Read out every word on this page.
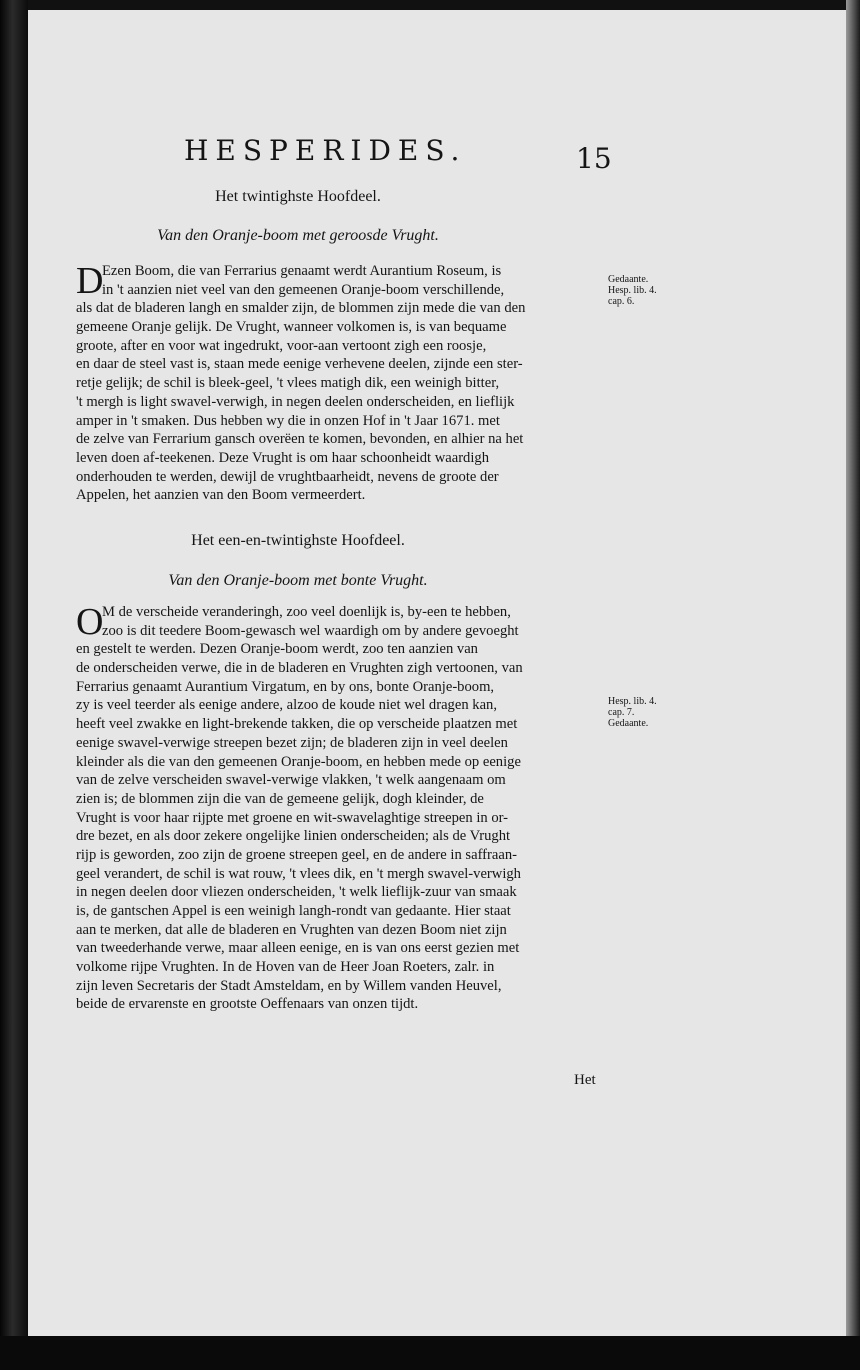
HESPERIDES.	15
Het twintighste Hoofdeel.
Van den Oranje-boom met geroosde Vrught.
D
Ezen Boom, die van Ferrarius genaamt werdt Aurantium Roseum, is
in 't aanzien niet veel van den gemeenen Oranje-boom verschillende,
als dat de bladeren langh en smalder zijn, de blommen zijn mede die van den
gemeene Oranje gelijk. De Vrught, wanneer volkomen is, is van bequame
groote, after en voor wat ingedrukt, voor-aan vertoont zigh een roosje,
en daar de steel vast is, staan mede eenige verhevene deelen, zijnde een ster-
retje gelijk; de schil is bleek-geel, 't vlees matigh dik, een weinigh bitter,
't mergh is light swavel-verwigh, in negen deelen onderscheiden, en lieflijk
amper in 't smaken. Dus hebben wy die in onzen Hof in 't Jaar 1671. met
de zelve van Ferrarium gansch overëen te komen, bevonden, en alhier na het
leven doen af-teekenen. Deze Vrught is om haar schoonheidt waardigh
onderhouden te werden, dewijl de vrughtbaarheidt, nevens de groote der
Appelen, het aanzien van den Boom vermeerdert.
Gedaante.
Hesp. lib. 4.
cap. 6.
Het een-en-twintighste Hoofdeel.
Van den Oranje-boom met bonte Vrught.
O
M de verscheide veranderingh, zoo veel doenlijk is, by-een te hebben,
zoo is dit teedere Boom-gewasch wel waardigh om by andere gevoeght
en gestelt te werden. Dezen Oranje-boom werdt, zoo ten aanzien van
de onderscheiden verwe, die in de bladeren en Vrughten zigh vertoonen, van
Ferrarius genaamt Aurantium Virgatum, en by ons, bonte Oranje-boom,
zy is veel teerder als eenige andere, alzoo de koude niet wel dragen kan,
heeft veel zwakke en light-brekende takken, die op verscheide plaatzen met
eenige swavel-verwige streepen bezet zijn; de bladeren zijn in veel deelen
kleinder als die van den gemeenen Oranje-boom, en hebben mede op eenige
van de zelve verscheiden swavel-verwige vlakken, 't welk aangenaam om
zien is; de blommen zijn die van de gemeene gelijk, dogh kleinder, de
Vrught is voor haar rijpte met groene en wit-swavelaghtige streepen in or-
dre bezet, en als door zekere ongelijke linien onderscheiden; als de Vrught
rijp is geworden, zoo zijn de groene streepen geel, en de andere in saffraan-
geel verandert, de schil is wat rouw, 't vlees dik, en 't mergh swavel-verwigh
in negen deelen door vliezen onderscheiden, 't welk lieflijk-zuur van smaak
is, de gantschen Appel is een weinigh langh-rondt van gedaante. Hier staat
aan te merken, dat alle de bladeren en Vrughten van dezen Boom niet zijn
van tweederhande verwe, maar alleen eenige, en is van ons eerst gezien met
volkome rijpe Vrughten. In de Hoven van de Heer Joan Roeters, zalr. in
zijn leven Secretaris der Stadt Amsteldam, en by Willem vanden Heuvel,
beide de ervarenste en grootste Oeffenaars van onzen tijdt.
Hesp. lib. 4.
cap. 7.
Gedaante.
Het
